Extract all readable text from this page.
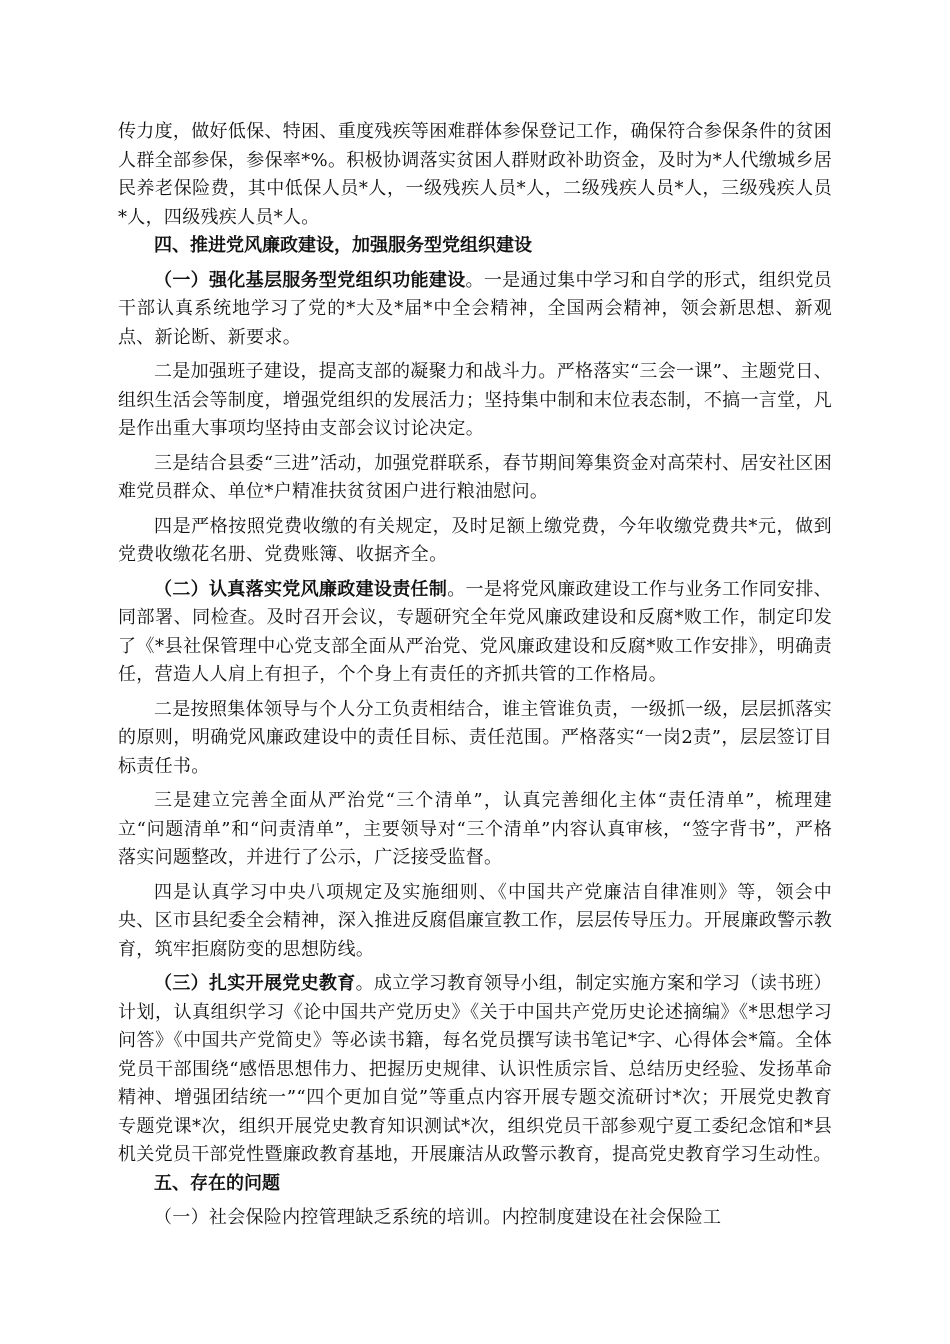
传力度，做好低保、特困、重度残疾等困难群体参保登记工作，确保符合参保条件的贫困人群全部参保，参保率*%。积极协调落实贫困人群财政补助资金，及时为*人代缴城乡居民养老保险费，其中低保人员*人，一级残疾人员*人，二级残疾人员*人，三级残疾人员*人，四级残疾人员*人。

四、推进党风廉政建设，加强服务型党组织建设

（一）强化基层服务型党组织功能建设。一是通过集中学习和自学的形式，组织党员干部认真系统地学习了党的*大及*届*中全会精神，全国两会精神，领会新思想、新观点、新论断、新要求。

二是加强班子建设，提高支部的凝聚力和战斗力。严格落实“三会一课”、主题党日、组织生活会等制度，增强党组织的发展活力；坚持集中制和末位表态制，不搞一言堂，凡是作出重大事项均坚持由支部会议讨论决定。

三是结合县委“三进”活动，加强党群联系，春节期间筹集资金对高荣村、居安社区困难党员群众、单位*户精准扶贫贫困户进行粮油慰问。

四是严格按照党费收缴的有关规定，及时足额上缴党费，今年收缴党费共*元，做到党费收缴花名册、党费账簿、收据齐全。

（二）认真落实党风廉政建设责任制。一是将党风廉政建设工作与业务工作同安排、同部署、同检查。及时召开会议，专题研究全年党风廉政建设和反腐*败工作，制定印发了《*县社保管理中心党支部全面从严治党、党风廉政建设和反腐*败工作安排》，明确责任，营造人人肩上有担子，个个身上有责任的齐抓共管的工作格局。

二是按照集体领导与个人分工负责相结合，谁主管谁负责，一级抓一级，层层抓落实的原则，明确党风廉政建设中的责任目标、责任范围。严格落实“一岗2责”，层层签订目标责任书。

三是建立完善全面从严治党“三个清单”，认真完善细化主体“责任清单”，梳理建立“问题清单”和“问责清单”，主要领导对“三个清单”内容认真审核，“签字背书”，严格落实问题整改，并进行了公示，广泛接受监督。

四是认真学习中央八项规定及实施细则、《中国共产党廉洁自律准则》等，领会中央、区市县纪委全会精神，深入推进反腐倡廉宣教工作，层层传导压力。开展廉政警示教育，筑牢拒腐防变的思想防线。

（三）扎实开展党史教育。成立学习教育领导小组，制定实施方案和学习（读书班）计划，认真组织学习《论中国共产党历史》《关于中国共产党历史论述摘编》《*思想学习问答》《中国共产党简史》等必读书籍，每名党员撰写读书笔记*字、心得体会*篇。全体党员干部围绕“感悟思想伟力、把握历史规律、认识性质宗旨、总结历史经验、发扬革命精神、增强团结统一”“四个更加自觉”等重点内容开展专题交流研讨*次；开展党史教育专题党课*次，组织开展党史教育知识测试*次，组织党员干部参观宁夏工委纪念馆和*县机关党员干部党性暨廉政教育基地，开展廉洁从政警示教育，提高党史教育学习生动性。

五、存在的问题

（一）社会保险内控管理缺乏系统的培训。内控制度建设在社会保险工
